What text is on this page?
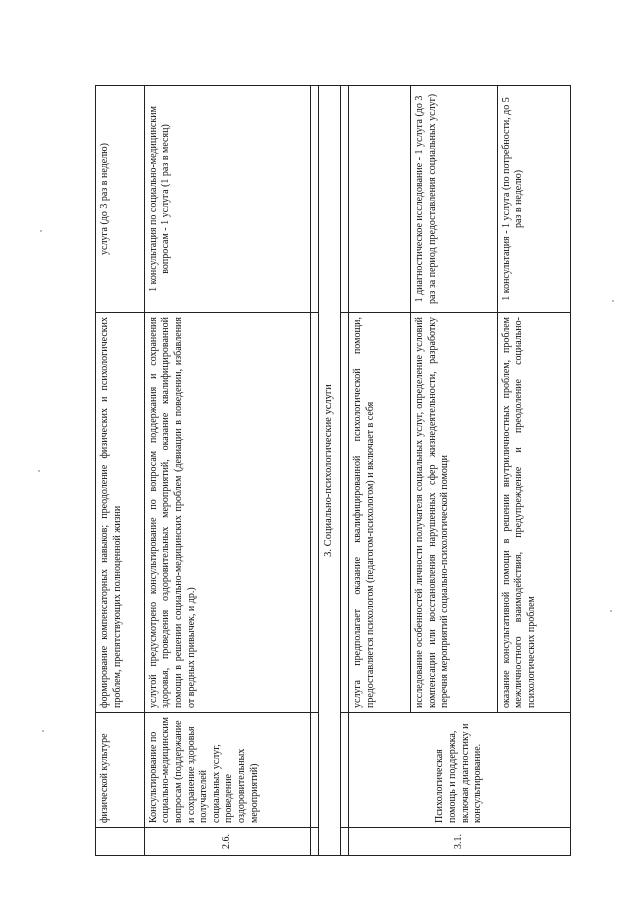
	физической культуре	формирование компенсаторных навыков; преодоление физических и психологических проблем, препятствующих полноценной жизни	услуга (до 3 раз в неделю)
2.6.	Консультирование по социально-медицинским вопросам (поддержание и сохранение здоровья получателей социальных услуг, проведение оздоровительных мероприятий)	услугой предусмотрено консультирование по вопросам поддержания и сохранения здоровья, проведения оздоровительных мероприятий, оказание квалифицированной помощи в решении социально-медицинских проблем (девиации в поведении, избавления от вредных привычек, и др.)	1 консультация по социально-медицинским вопросам - 1 услуга (1 раз в месяц)

3. Социально-психологические услуги			

3.1.	Психологическая помощь и поддержка, включая диагностику и консультирование.	услуга предполагает оказание квалифицированной психологической помощи, предоставляется психологом (педагогом-психологом) и включает в себя	
		исследование особенностей личности получателя социальных услуг, определение условий компенсации или восстановления нарушенных сфер жизнедеятельности, разработку перечня мероприятий социально-психологической помощи	1 диагностическое исследование - 1 услуга (до 3 раз за период предоставления социальных услуг)
		оказание консультативной помощи в решении внутриличностных проблем, проблем межличностного взаимодействия, предупреждение и преодоление социально-психологических проблем	1 консультация - 1 услуга (по потребности, до 5 раз в неделю)
